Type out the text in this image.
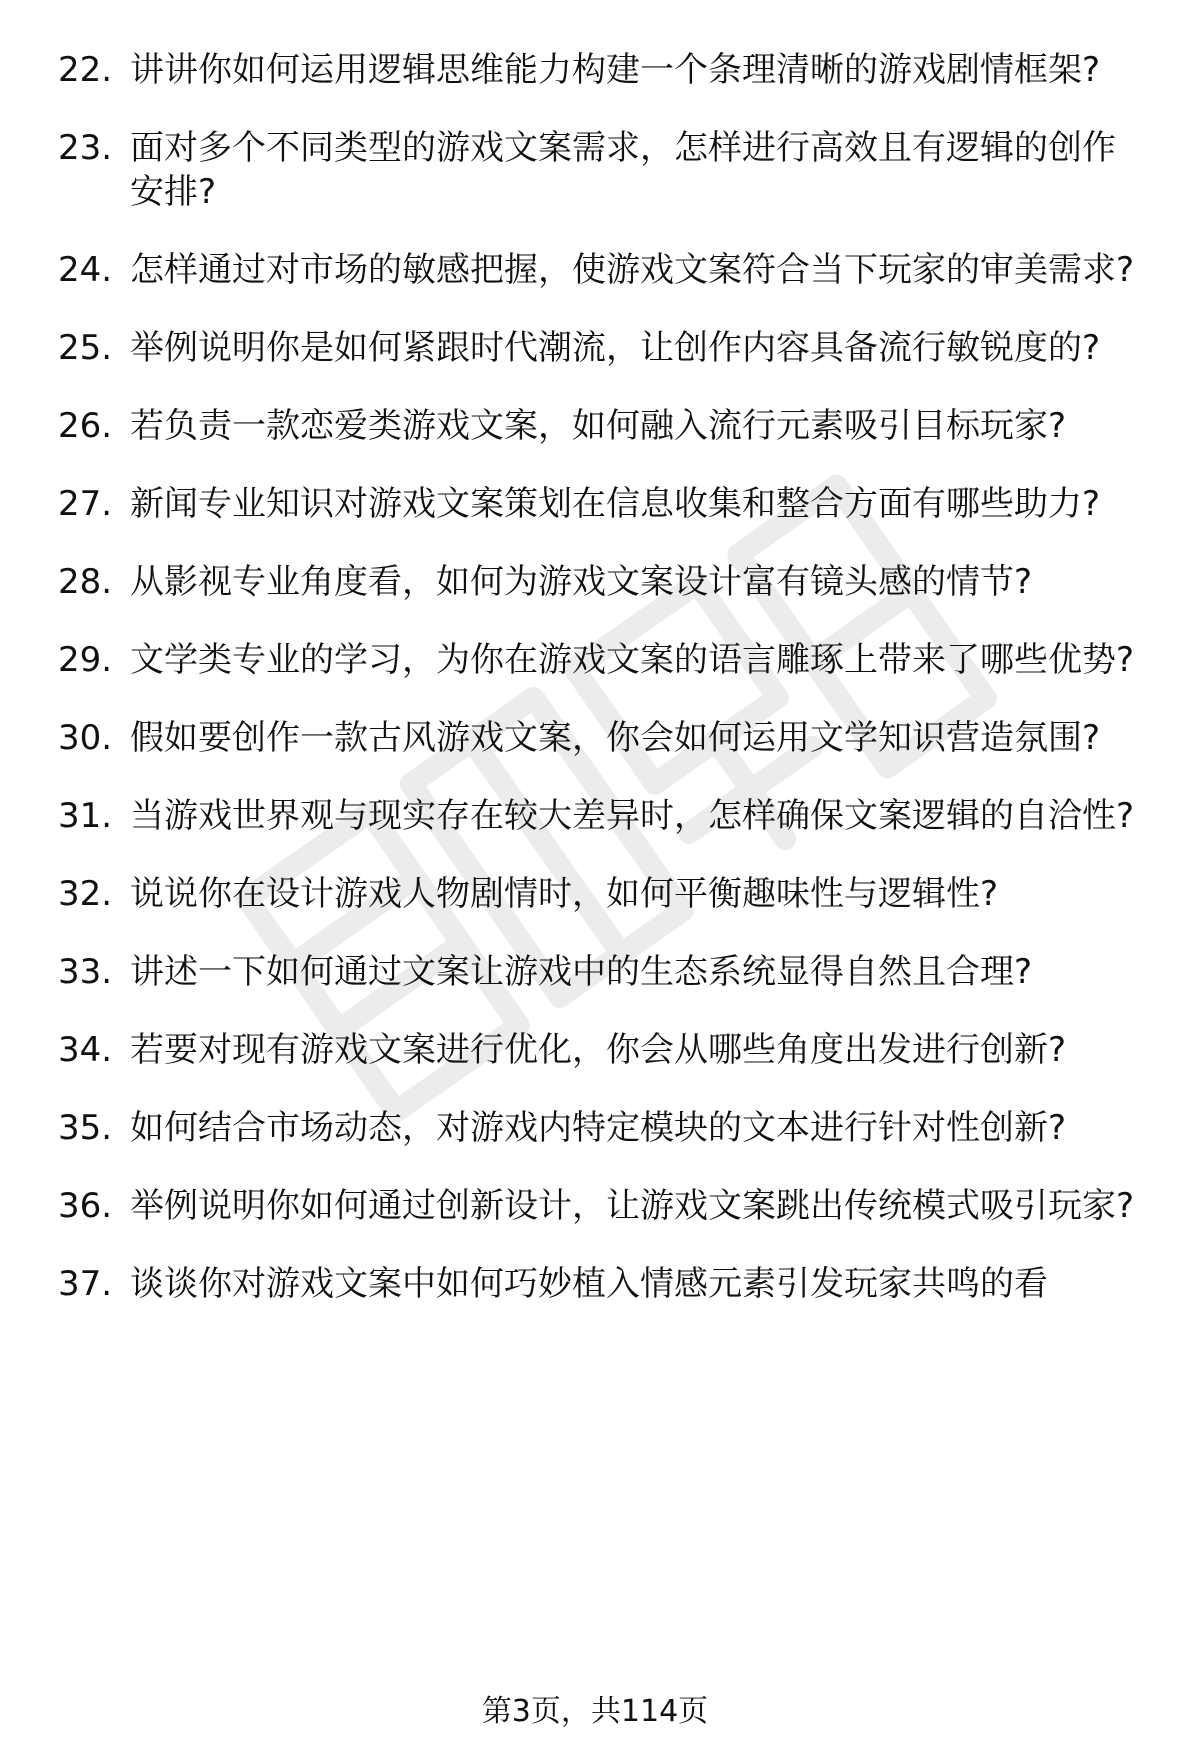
22. 讲讲你如何运用逻辑思维能力构建一个条理清晰的游戏剧情框架?
23. 面对多个不同类型的游戏文案需求，怎样进行高效且有逻辑的创作安排?
24. 怎样通过对市场的敏感把握，使游戏文案符合当下玩家的审美需求?
25. 举例说明你是如何紧跟时代潮流，让创作内容具备流行敏锐度的?
26. 若负责一款恋爱类游戏文案，如何融入流行元素吸引目标玩家?
27. 新闻专业知识对游戏文案策划在信息收集和整合方面有哪些助力?
28. 从影视专业角度看，如何为游戏文案设计富有镜头感的情节?
29. 文学类专业的学习，为你在游戏文案的语言雕琢上带来了哪些优势?
30. 假如要创作一款古风游戏文案，你会如何运用文学知识营造氛围?
31. 当游戏世界观与现实存在较大差异时，怎样确保文案逻辑的自洽性?
32. 说说你在设计游戏人物剧情时，如何平衡趣味性与逻辑性?
33. 讲述一下如何通过文案让游戏中的生态系统显得自然且合理?
34. 若要对现有游戏文案进行优化，你会从哪些角度出发进行创新?
35. 如何结合市场动态，对游戏内特定模块的文本进行针对性创新?
36. 举例说明你如何通过创新设计，让游戏文案跳出传统模式吸引玩家?
37. 谈谈你对游戏文案中如何巧妙植入情感元素引发玩家共鸣的看
第3页，共114页
